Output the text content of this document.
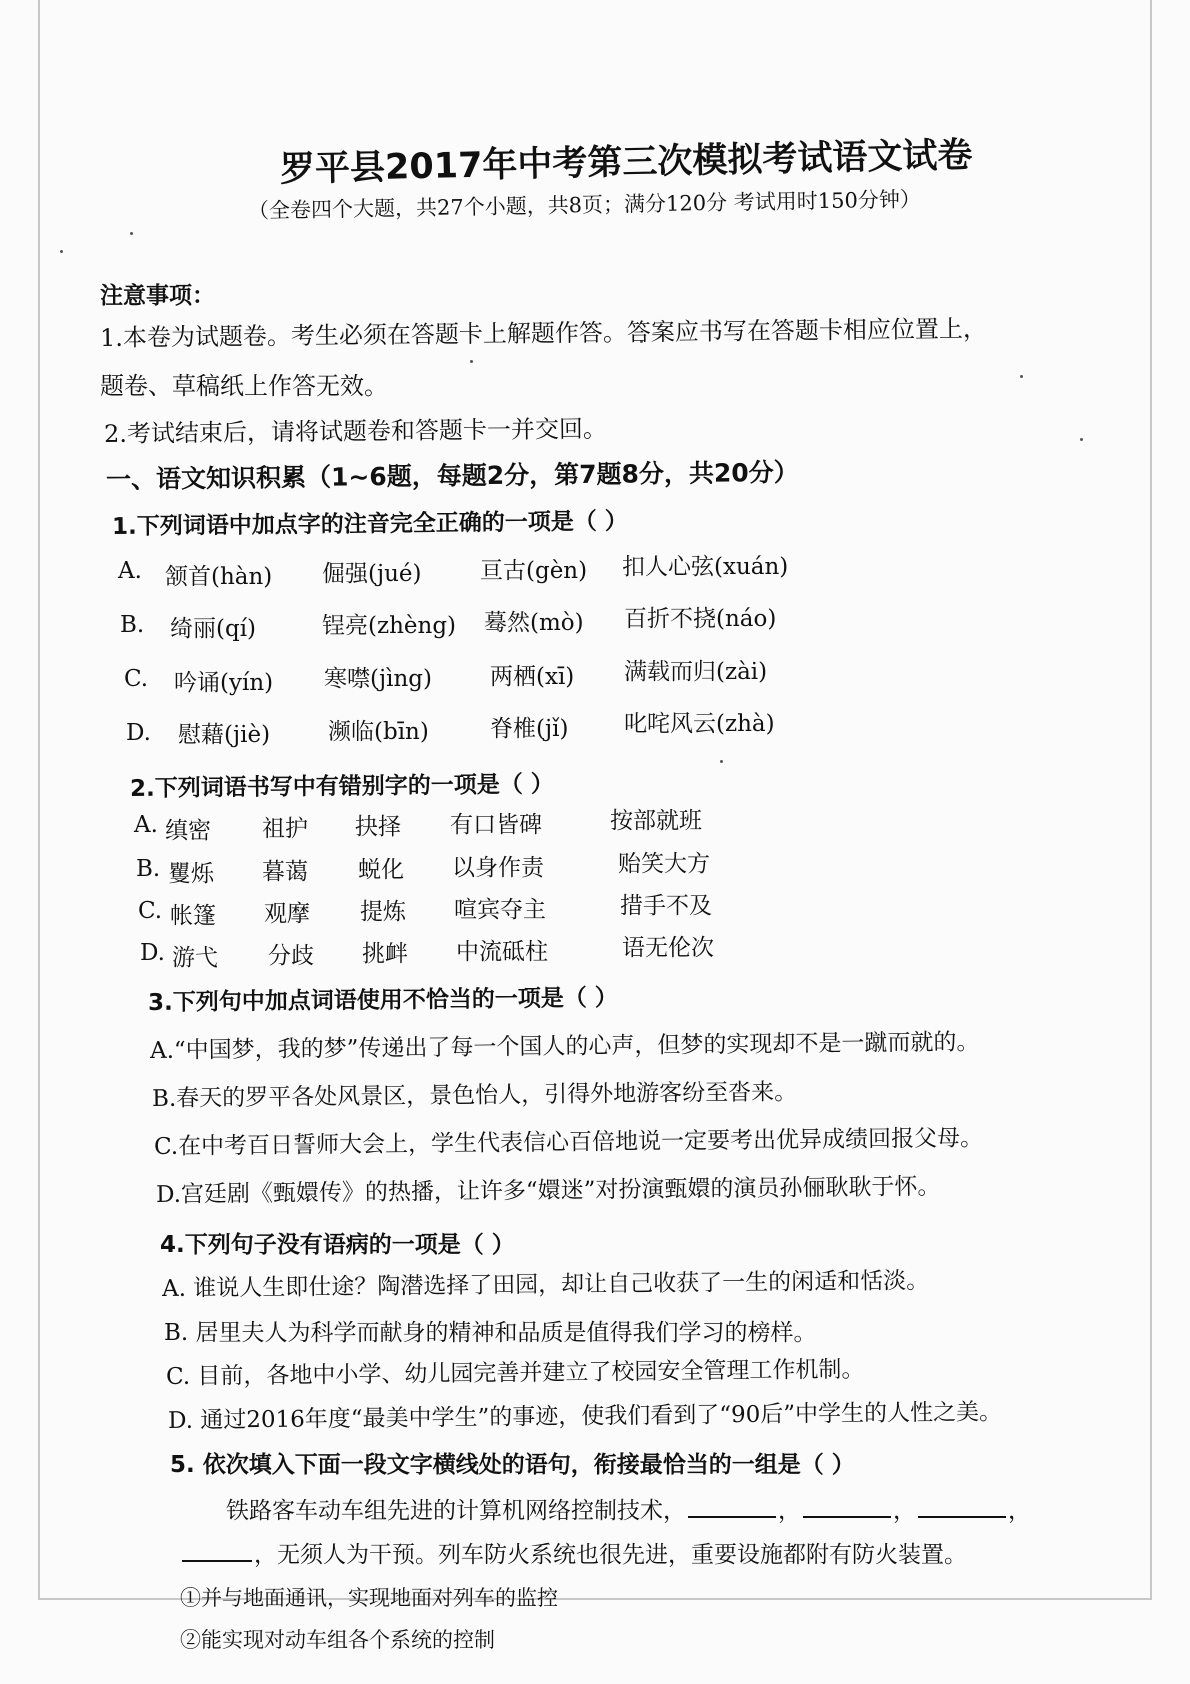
罗平县2017年中考第三次模拟考试语文试卷
（全卷四个大题，共27个小题，共8页；满分120分 考试用时150分钟）
注意事项：
1.本卷为试题卷。考生必须在答题卡上解题作答。答案应书写在答题卡相应位置上，
题卷、草稿纸上作答无效。
2.考试结束后，请将试题卷和答题卡一并交回。
一、语文知识积累（1~6题，每题2分，第7题8分，共20分）
1.下列词语中加点字的注音完全正确的一项是（ ）
A. 颔首(hàn) 倔强(jué)	亘古(gèn) 扣人心弦(xuán)
B. 绮丽(qí)	锃亮(zhèng) 蓦然(mò) 百折不挠(náo)
C. 吟诵(yín) 寒噤(jìng)	两栖(xī) 满载而归(zài)
D. 慰藉(jiè)	濒临(bīn)	脊椎(jǐ) 叱咤风云(zhà)
2.下列词语书写中有错别字的一项是（ ）
A. 缜密 祖护 抉择 有口皆碑	按部就班
B. 矍烁 暮蔼 蜕化 以身作责	贻笑大方
C. 帐篷 观摩 提炼 喧宾夺主	措手不及
D. 游弋 分歧 挑衅 中流砥柱	语无伦次
3.下列句中加点词语使用不恰当的一项是（ ）
A.“中国梦，我的梦”传递出了每一个国人的心声，但梦的实现却不是一蹴而就的。
B.春天的罗平各处风景区，景色怡人，引得外地游客纷至沓来。
C.在中考百日誓师大会上，学生代表信心百倍地说一定要考出优异成绩回报父母。
D.宫廷剧《甄嬛传》的热播，让许多“嬛迷”对扮演甄嬛的演员孙俪耿耿于怀。
4.下列句子没有语病的一项是（ ）
A. 谁说人生即仕途？陶潜选择了田园，却让自己收获了一生的闲适和恬淡。
B. 居里夫人为科学而献身的精神和品质是值得我们学习的榜样。
C. 目前，各地中小学、幼儿园完善并建立了校园安全管理工作机制。
D. 通过2016年度“最美中学生”的事迹，使我们看到了“90后”中学生的人性之美。
5. 依次填入下面一段文字横线处的语句，衔接最恰当的一组是（ ）
铁路客车动车组先进的计算机网络控制技术，	，	，	，
，无须人为干预。列车防火系统也很先进，重要设施都附有防火装置。
①并与地面通讯，实现地面对列车的监控
②能实现对动车组各个系统的控制
